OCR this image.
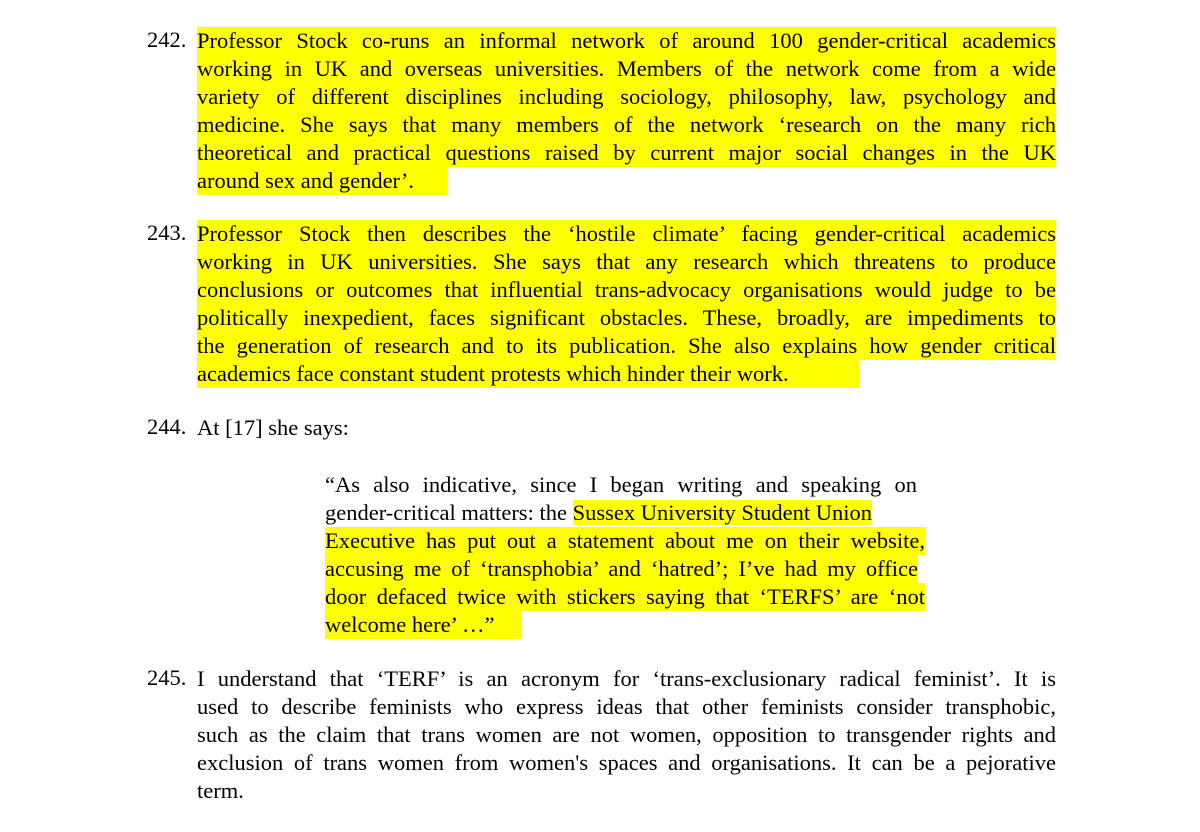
242. Professor Stock co-runs an informal network of around 100 gender-critical academics
working in UK and overseas universities. Members of the network come from a wide
variety of different disciplines including sociology, philosophy, law, psychology and
medicine. She says that many members of the network ‘research on the many rich
theoretical and practical questions raised by current major social changes in the UK
around sex and gender’.
243. Professor Stock then describes the ‘hostile climate’ facing gender-critical academics
working in UK universities. She says that any research which threatens to produce
conclusions or outcomes that influential trans-advocacy organisations would judge to be
politically inexpedient, faces significant obstacles. These, broadly, are impediments to
the generation of research and to its publication. She also explains how gender critical
academics face constant student protests which hinder their work.
244. At [17] she says:
“As also indicative, since I began writing and speaking on
gender-critical matters: the Sussex University Student Union
Executive has put out a statement about me on their website,
accusing me of ‘transphobia’ and ‘hatred’; I’ve had my office
door defaced twice with stickers saying that ‘TERFS’ are ‘not
welcome here’ …”
245. I understand that ‘TERF’ is an acronym for ‘trans-exclusionary radical feminist’. It is
used to describe feminists who express ideas that other feminists consider transphobic,
such as the claim that trans women are not women, opposition to transgender rights and
exclusion of trans women from women's spaces and organisations. It can be a pejorative
term.
